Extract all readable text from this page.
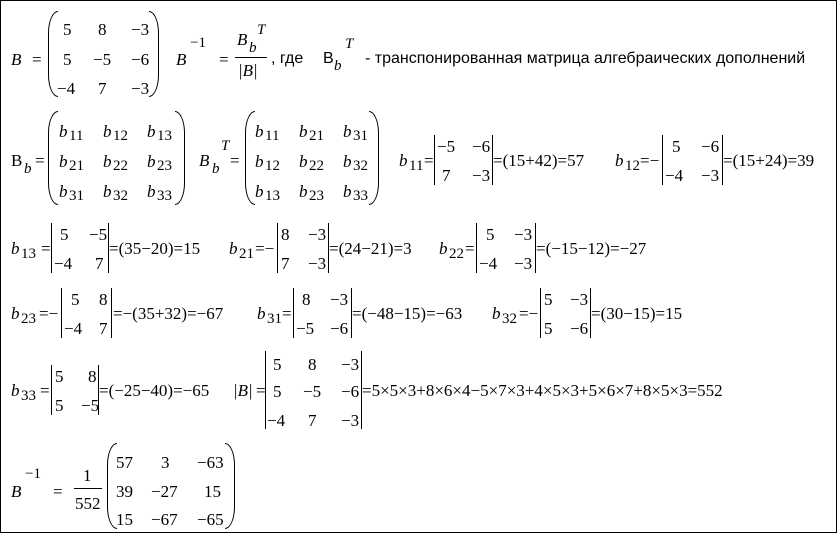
B =
5 8 −3
5 −5 −6
−4 7 −3
B
−1
=
B b
T
|B|
, где B b
T
- транспонированная матрица алгебраических дополнений
B b =
b 11 b 12 b 13
b 21 b 22 b 23
b 31 b 32 b 33
B b
T
=
b 11 b 21 b 31
b 12 b 22 b 32
b 13 b 23 b 33
b 11 =
−5 −6
7 −3
=(15+42)=57 b 12 =−
5 −6
−4 −3
=(15+24)=39
b 13 =
5 −5
−4 7
=(35−20)=15 b 21 =−
8 −3
7 −3
=(24−21)=3 b 22 =
5 −3
−4 −3
=(−15−12)=−27
b 23 =−
5 8
−4 7
=−(35+32)=−67 b 31 =
8 −3
−5 −6
=(−48−15)=−63 b 32 =−
5 −3
5 −6
=(30−15)=15
b 33 =
5 8
5 −5
=(−25−40)=−65 |B| =
5 8 −3
5 −5 −6
−4 7 −3
=5×5×3+8×6×4−5×7×3+4×5×3+5×6×7+8×5×3=552
B
−1
=
1
552
57 3 −63
39 −27 15
15 −67 −65
